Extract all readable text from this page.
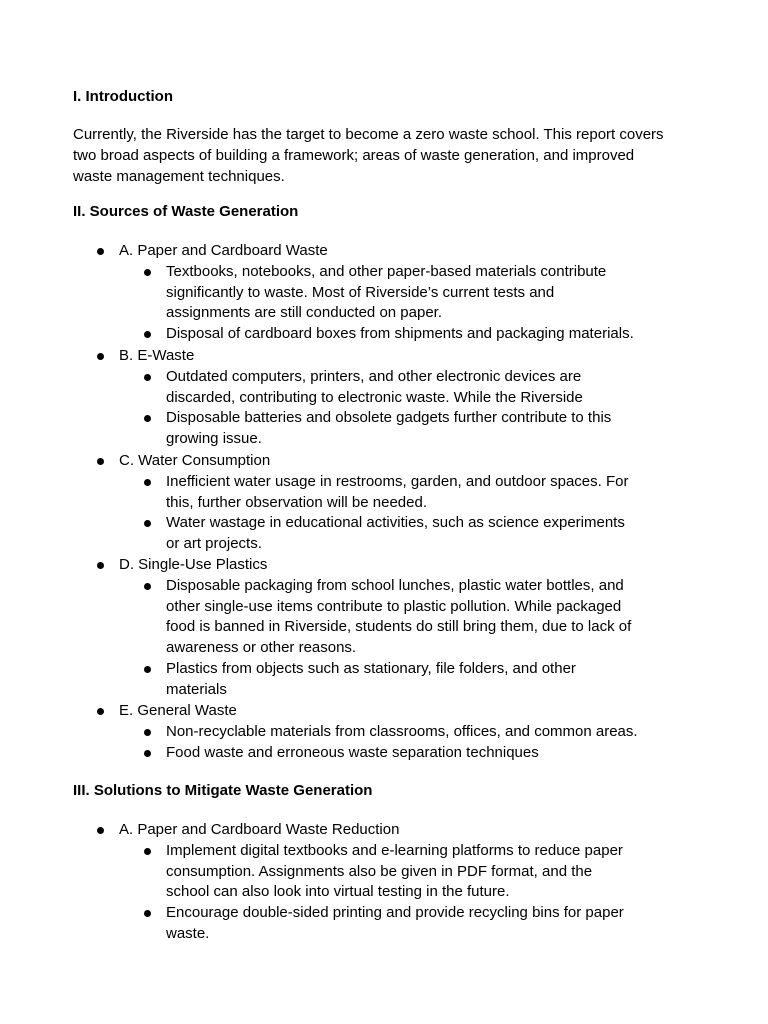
I. Introduction
Currently, the Riverside has the target to become a zero waste school. This report covers
two broad aspects of building a framework; areas of waste generation, and improved
waste management techniques.
II. Sources of Waste Generation
A. Paper and Cardboard Waste
Textbooks, notebooks, and other paper-based materials contribute
significantly to waste. Most of Riverside’s current tests and
assignments are still conducted on paper.
Disposal of cardboard boxes from shipments and packaging materials.
B. E-Waste
Outdated computers, printers, and other electronic devices are
discarded, contributing to electronic waste. While the Riverside
Disposable batteries and obsolete gadgets further contribute to this
growing issue.
C. Water Consumption
Inefficient water usage in restrooms, garden, and outdoor spaces. For
this, further observation will be needed.
Water wastage in educational activities, such as science experiments
or art projects.
D. Single-Use Plastics
Disposable packaging from school lunches, plastic water bottles, and
other single-use items contribute to plastic pollution. While packaged
food is banned in Riverside, students do still bring them, due to lack of
awareness or other reasons.
Plastics from objects such as stationary, file folders, and other
materials
E. General Waste
Non-recyclable materials from classrooms, offices, and common areas.
Food waste and erroneous waste separation techniques
III. Solutions to Mitigate Waste Generation
A. Paper and Cardboard Waste Reduction
Implement digital textbooks and e-learning platforms to reduce paper
consumption. Assignments also be given in PDF format, and the
school can also look into virtual testing in the future.
Encourage double-sided printing and provide recycling bins for paper
waste.
